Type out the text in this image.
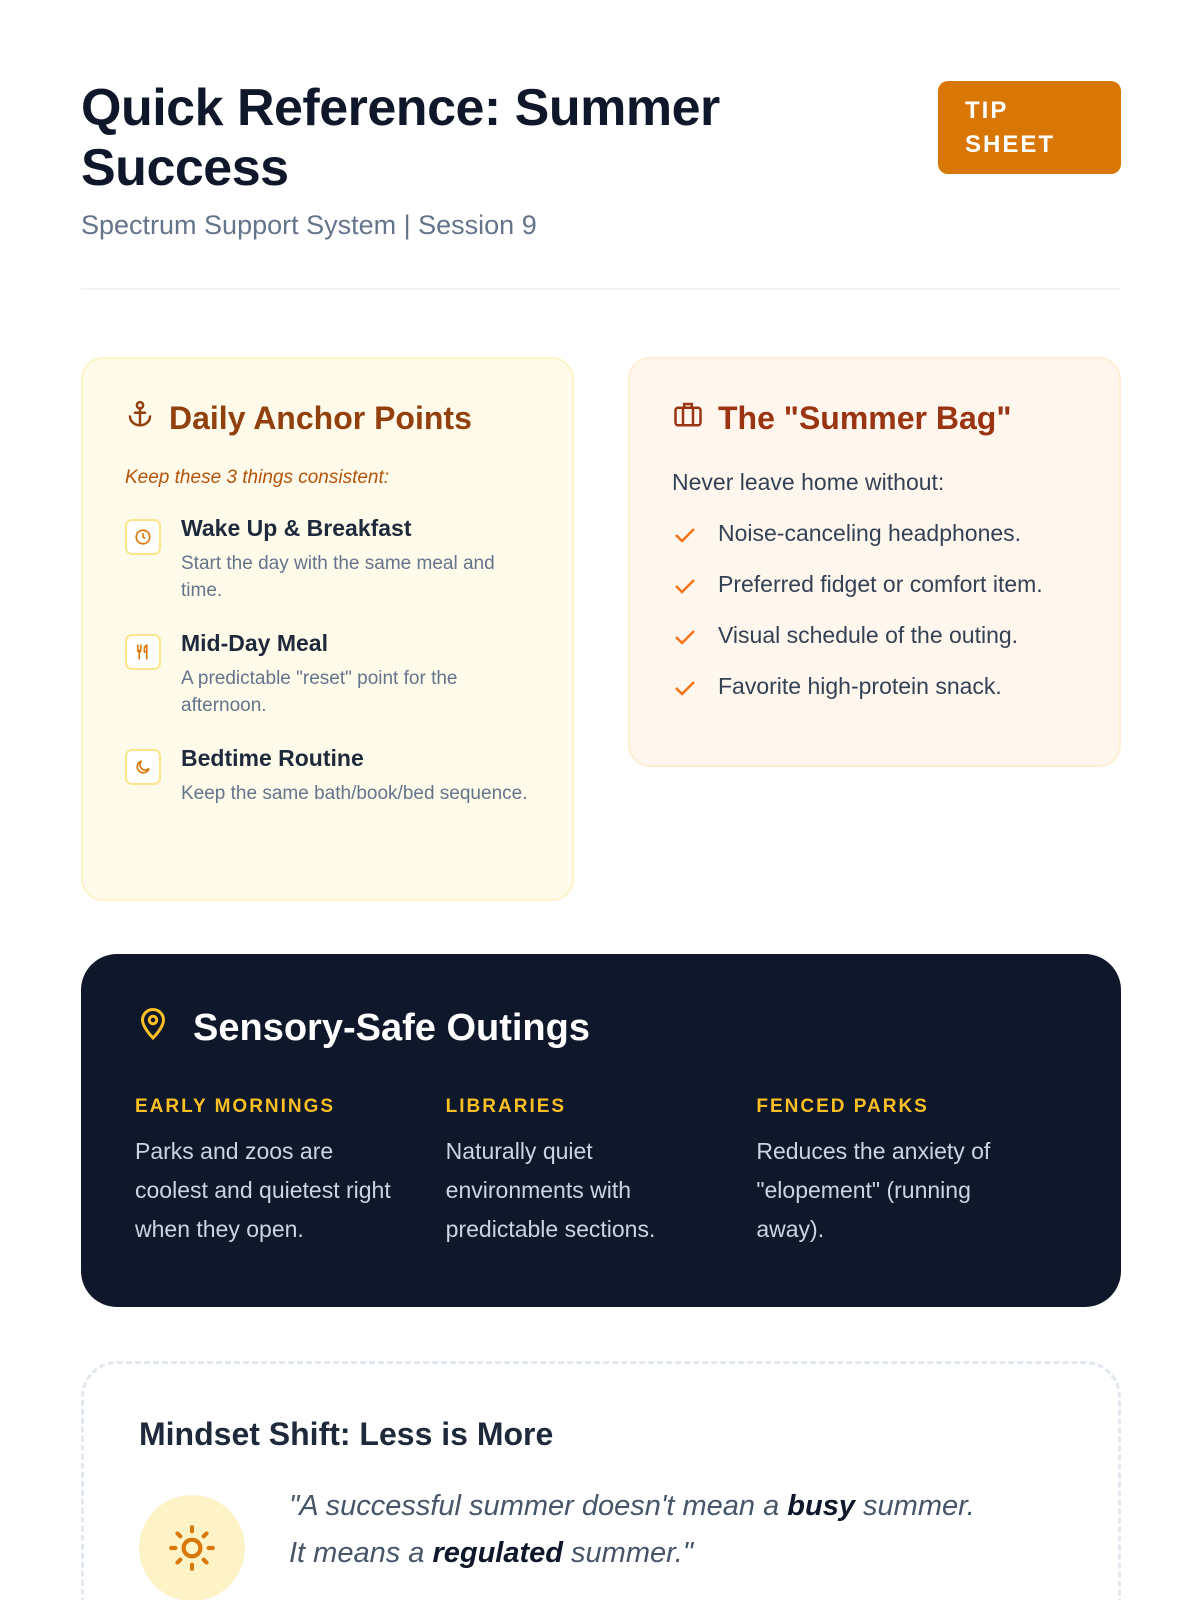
Quick Reference: Summer Success
Spectrum Support System | Session 9
TIP SHEET
Daily Anchor Points
Keep these 3 things consistent:
Wake Up & Breakfast

Start the day with the same meal and time.

Mid-Day Meal

A predictable "reset" point for the afternoon.

Bedtime Routine

Keep the same bath/book/bed sequence.

The "Summer Bag"
Never leave home without:
Noise-canceling headphones.
Preferred fidget or comfort item.
Visual schedule of the outing.
Favorite high-protein snack.
Sensory-Safe Outings
EARLY MORNINGS

Parks and zoos are coolest and quietest right when they open.

LIBRARIES

Naturally quiet environments with predictable sections.

FENCED PARKS

Reduces the anxiety of "elopement" (running away).

Mindset Shift: Less is More
"A successful summer doesn't mean a busy summer.
It means a regulated summer."
